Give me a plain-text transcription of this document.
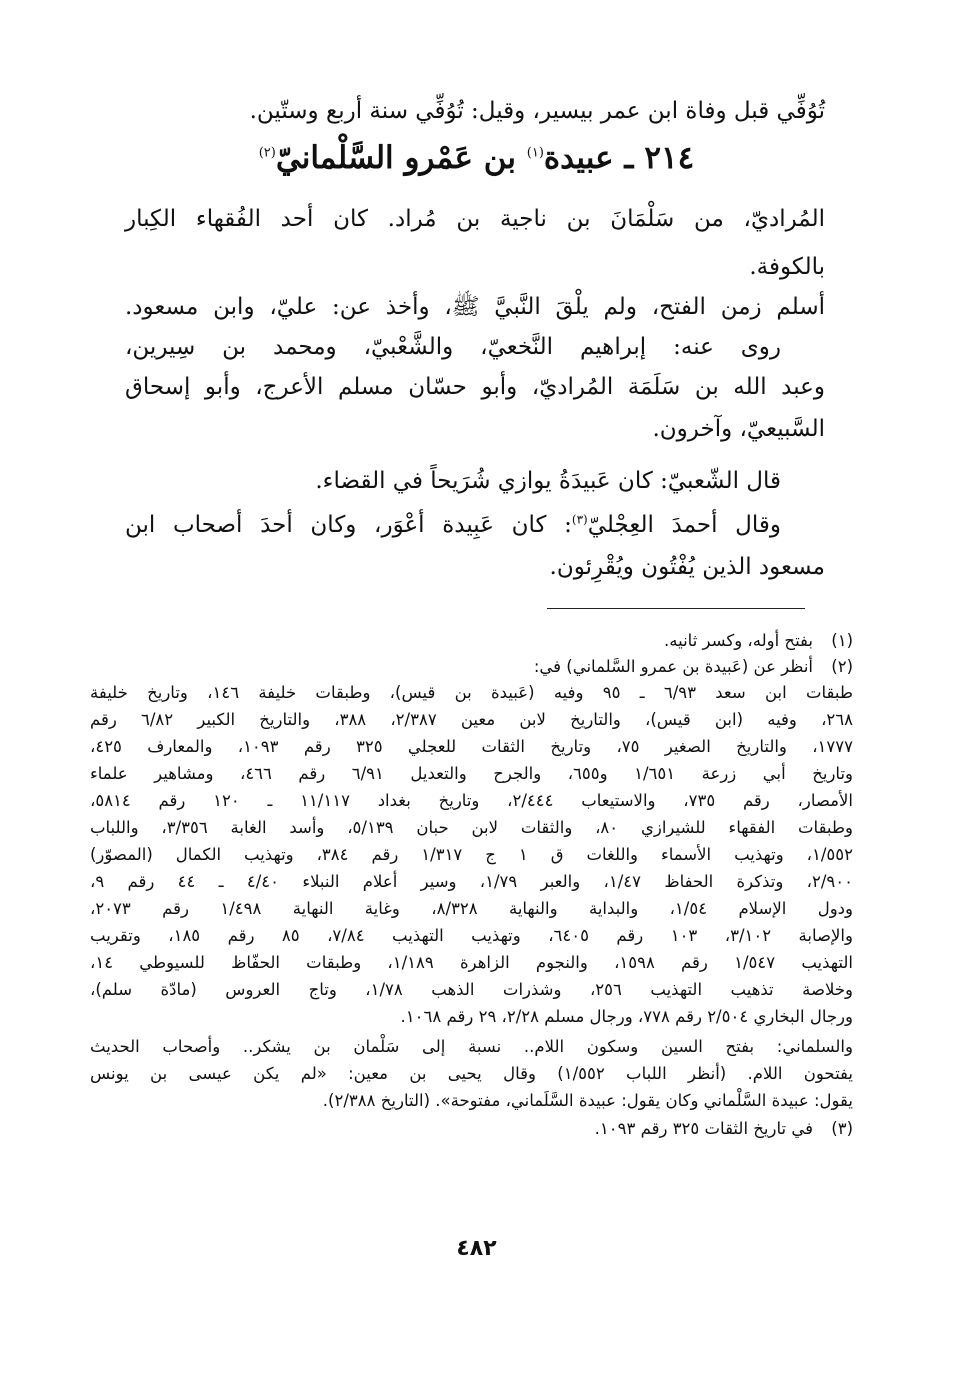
تُوُفِّي قبل وفاة ابن عمر بيسير، وقيل: تُوُفِّي سنة أربع وستّين.
٢١٤ ـ عبيدة$^{(١)}$ بن عَمْرو السَّلْمانيّ$^{(٢)}$
المُراديّ، من سَلْمَانَ بن ناجية بن مُراد. كان أحد الفُقهاء الكِبار
بالكوفة.
أسلم زمن الفتح، ولم يلْقَ النَّبيَّ ﷺ، وأخذ عن: عليّ، وابن مسعود.
روى عنه: إبراهيم النَّخعيّ، والشَّعْبيّ، ومحمد بن سِيرين،
وعبد الله بن سَلَمَة المُراديّ، وأبو حسّان مسلم الأعرج، وأبو إسحاق
السَّبيعيّ، وآخرون.
قال الشّعبيّ: كان عَبيدَةُ يوازي شُرَيحاً في القضاء.
وقال أحمدَ العِجْليّ$^{(٣)}$: كان عَبِيدة أعْوَر، وكان أحدَ أصحاب ابن
مسعود الذين يُفْتُون ويُقْرِئون.
(١)
بفتح أوله، وكسر ثانيه.
(٢)
أنظر عن (عَبيدة بن عمرو السَّلماني) في:
طبقات ابن سعد ٦/٩٣ ـ ٩٥ وفيه (عَبيدة بن قيس)، وطبقات خليفة ١٤٦، وتاريخ خليفة
٢٦٨، وفيه (ابن قيس)، والتاريخ لابن معين ٢/٣٨٧، ٣٨٨، والتاريخ الكبير ٦/٨٢ رقم
١٧٧٧، والتاريخ الصغير ٧٥، وتاريخ الثقات للعجلي ٣٢٥ رقم ١٠٩٣، والمعارف ٤٢٥،
وتاريخ أبي زرعة ١/٦٥١ و٦٥٥، والجرح والتعديل ٦/٩١ رقم ٤٦٦، ومشاهير علماء
الأمصار، رقم ٧٣٥، والاستيعاب ٢/٤٤٤، وتاريخ بغداد ١١/١١٧ ـ ١٢٠ رقم ٥٨١٤،
وطبقات الفقهاء للشيرازي ٨٠، والثقات لابن حبان ٥/١٣٩، وأسد الغابة ٣/٣٥٦، واللباب
١/٥٥٢، وتهذيب الأسماء واللغات ق ١ ج ١/٣١٧ رقم ٣٨٤، وتهذيب الكمال (المصوّر)
٢/٩٠٠، وتذكرة الحفاظ ١/٤٧، والعبر ١/٧٩، وسير أعلام النبلاء ٤/٤٠ ـ ٤٤ رقم ٩،
ودول الإسلام ١/٥٤، والبداية والنهاية ٨/٣٢٨، وغاية النهاية ١/٤٩٨ رقم ٢٠٧٣،
والإصابة ٣/١٠٢، ١٠٣ رقم ٦٤٠٥، وتهذيب التهذيب ٧/٨٤، ٨٥ رقم ١٨٥، وتقريب
التهذيب ١/٥٤٧ رقم ١٥٩٨، والنجوم الزاهرة ١/١٨٩، وطبقات الحفّاظ للسيوطي ١٤،
وخلاصة تذهيب التهذيب ٢٥٦، وشذرات الذهب ١/٧٨، وتاج العروس (مادّة سلم)،
ورجال البخاري ٢/٥٠٤ رقم ٧٧٨، ورجال مسلم ٢/٢٨، ٢٩ رقم ١٠٦٨.
والسلماني: بفتح السين وسكون اللام.. نسبة إلى سَلْمان بن يشكر.. وأصحاب الحديث
يفتحون اللام. (أنظر اللباب ١/٥٥٢) وقال يحيى بن معين: «لم يكن عيسى بن يونس
يقول: عبيدة السَّلْماني وكان يقول: عبيدة السَّلَماني، مفتوحة». (التاريخ ٢/٣٨٨).
(٣)
في تاريخ الثقات ٣٢٥ رقم ١٠٩٣.
٤٨٢
